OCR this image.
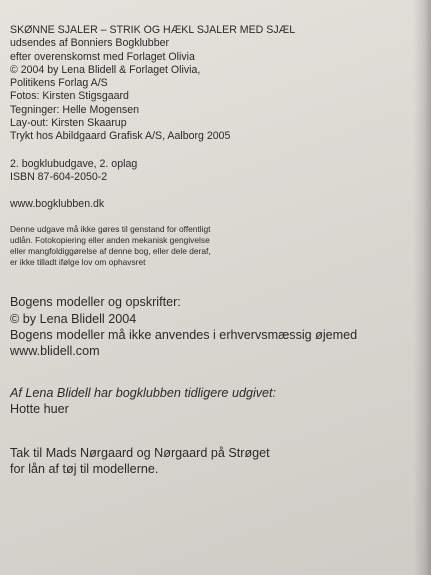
SKØNNE SJALER – STRIK OG HÆKL SJALER MED SJÆL

udsendes af Bonniers Bogklubber

efter overenskomst med Forlaget Olivia

© 2004 by Lena Blidell & Forlaget Olivia,

Politikens Forlag A/S

Fotos: Kirsten Stigsgaard

Tegninger: Helle Mogensen

Lay-out: Kirsten Skaarup

Trykt hos Abildgaard Grafisk A/S, Aalborg 2005

2. bogklubudgave, 2. oplag

ISBN 87-604-2050-2

www.bogklubben.dk

Denne udgave må ikke gøres til genstand for offentligt

udlån. Fotokopiering eller anden mekanisk gengivelse

eller mangfoldiggørelse af denne bog, eller dele deraf,

er ikke tilladt ifølge lov om ophavsret

Bogens modeller og opskrifter:

© by Lena Blidell 2004

Bogens modeller må ikke anvendes i erhvervsmæssig øjemed

www.blidell.com

Af Lena Blidell har bogklubben tidligere udgivet:

Hotte huer

Tak til Mads Nørgaard og Nørgaard på Strøget

for lån af tøj til modellerne.
